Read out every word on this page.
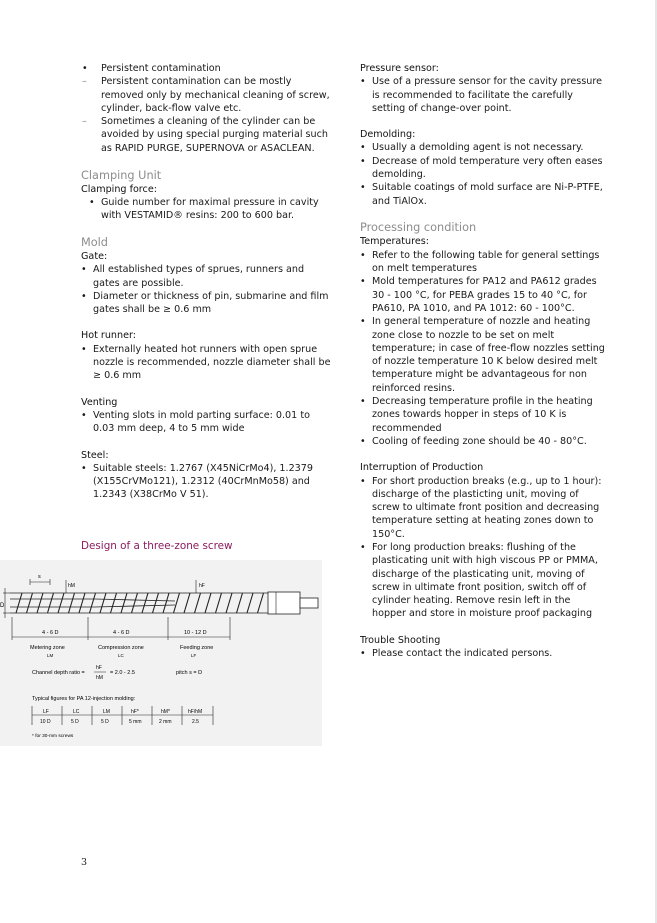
• Persistent contamination
– Persistent contamination can be mostly removed only by mechanical cleaning of screw, cylinder, back-flow valve etc.
– Sometimes a cleaning of the cylinder can be avoided by using special purging material such as RAPID PURGE, SUPERNOVA or ASACLEAN.
Clamping Unit
Clamping force:
• Guide number for maximal pressure in cavity with VESTAMID® resins: 200 to 600 bar.
Mold
Gate:
• All established types of sprues, runners and gates are possible.
• Diameter or thickness of pin, submarine and film gates shall be ≥ 0.6 mm
Hot runner:
• Externally heated hot runners with open sprue nozzle is recommended, nozzle diameter shall be ≥ 0.6 mm
Venting
• Venting slots in mold parting surface: 0.01 to 0.03 mm deep, 4 to 5 mm wide
Steel:
• Suitable steels: 1.2767 (X45NiCrMo4), 1.2379 (X155CrVMo121), 1.2312 (40CrMnMo58) and 1.2343 (X38CrMo V 51).
Design of a three-zone screw
D
s
hM	hF
4 - 6 D	4 - 6 D	10 - 12 D
Metering zone	Compression zone	Feeding zone
LM	LC	LF
Channel depth ratio =
hF
hM
= 2.0 - 2.5	pitch s = D
Typical figures for PA 12-injection molding:
LF	LC	LM	hF*	hM*	hF/hM
10 D	5 D	5 D	5 mm	2 mm	2.5
* for 30-mm screws
Pressure sensor:
• Use of a pressure sensor for the cavity pressure is recommended to facilitate the carefully setting of change-over point.
Demolding:
• Usually a demolding agent is not necessary.
• Decrease of mold temperature very often eases demolding.
• Suitable coatings of mold surface are Ni-P-PTFE, and TiAlOx.
Processing condition
Temperatures:
• Refer to the following table for general settings on melt temperatures
• Mold temperatures for PA12 and PA612 grades 30 - 100 °C, for PEBA grades 15 to 40 °C, for PA610, PA 1010, and PA 1012: 60 - 100°C.
• In general temperature of nozzle and heating zone close to nozzle to be set on melt temperature; in case of free-flow nozzles setting of nozzle temperature 10 K below desired melt temperature might be advantageous for non reinforced resins.
• Decreasing temperature profile in the heating zones towards hopper in steps of 10 K is recommended
• Cooling of feeding zone should be 40 - 80°C.
Interruption of Production
• For short production breaks (e.g., up to 1 hour): discharge of the plasticting unit, moving of screw to ultimate front position and decreasing temperature setting at heating zones down to 150°C.
• For long production breaks: flushing of the plasticating unit with high viscous PP or PMMA, discharge of the plasticating unit, moving of screw in ultimate front position, switch off of cylinder heating. Remove resin left in the hopper and store in moisture proof packaging
Trouble Shooting
• Please contact the indicated persons.
3
